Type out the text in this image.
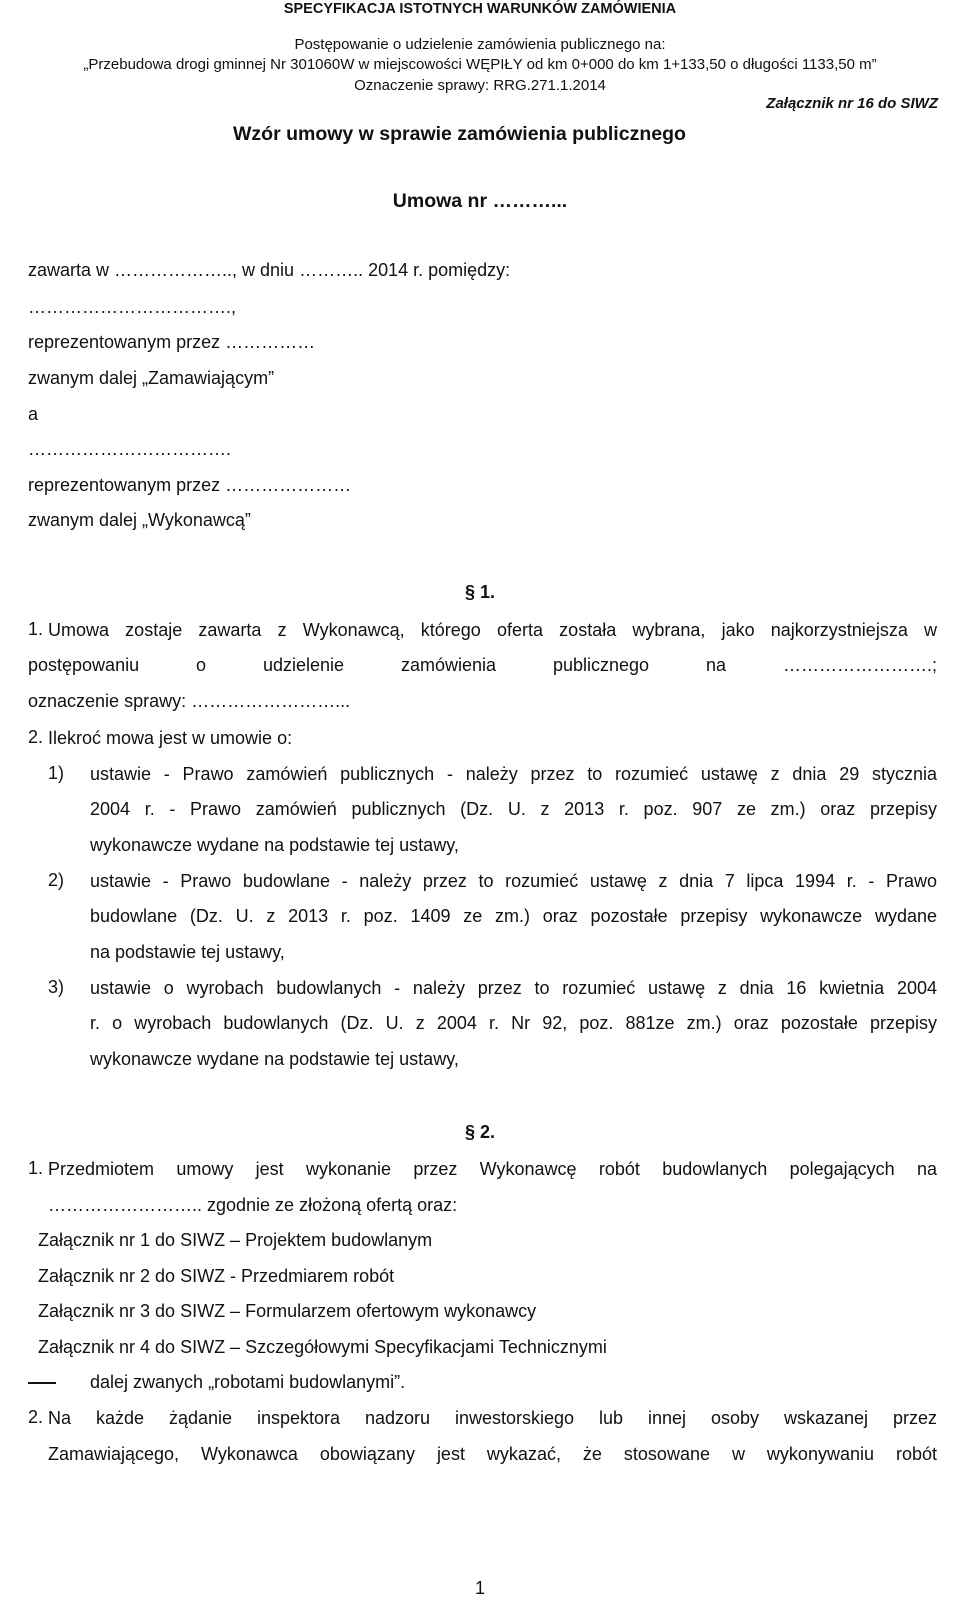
SPECYFIKACJA ISTOTNYCH WARUNKÓW ZAMÓWIENIA
Postępowanie o udzielenie zamówienia publicznego na:
„Przebudowa drogi gminnej Nr 301060W w miejscowości WĘPIŁY od km 0+000 do km 1+133,50 o długości 1133,50 m”
Oznaczenie sprawy: RRG.271.1.2014
Załącznik nr 16 do SIWZ
Wzór umowy w sprawie zamówienia publicznego
Umowa nr ………...
zawarta w ……………….., w dniu ……….. 2014 r. pomiędzy:
…………………………….,
reprezentowanym przez ……………
zwanym dalej „Zamawiającym”
a
…………………………….
reprezentowanym przez …………………
zwanym dalej „Wykonawcą”
§ 1.
1. Umowa zostaje zawarta z Wykonawcą, którego oferta została wybrana, jako najkorzystniejsza w
postępowaniu o udzielenie zamówienia publicznego na …………………….;
oznaczenie sprawy: ……………………...
2. Ilekroć mowa jest w umowie o:
1) ustawie - Prawo zamówień publicznych - należy przez to rozumieć ustawę z dnia 29 stycznia
2004 r. - Prawo zamówień publicznych (Dz. U. z 2013 r. poz. 907 ze zm.) oraz przepisy
wykonawcze wydane na podstawie tej ustawy,
2) ustawie - Prawo budowlane - należy przez to rozumieć ustawę z dnia 7 lipca 1994 r. - Prawo
budowlane (Dz. U. z 2013 r. poz. 1409 ze zm.) oraz pozostałe przepisy wykonawcze wydane
na podstawie tej ustawy,
3) ustawie o wyrobach budowlanych - należy przez to rozumieć ustawę z dnia 16 kwietnia 2004
r. o wyrobach budowlanych (Dz. U. z 2004 r. Nr 92, poz. 881ze zm.) oraz pozostałe przepisy
wykonawcze wydane na podstawie tej ustawy,
§ 2.
1. Przedmiotem umowy jest wykonanie przez Wykonawcę robót budowlanych polegających na
…………………….. zgodnie ze złożoną ofertą oraz:
Załącznik nr 1 do SIWZ – Projektem budowlanym
Załącznik nr 2 do SIWZ - Przedmiarem robót
Załącznik nr 3 do SIWZ – Formularzem ofertowym wykonawcy
Załącznik nr 4 do SIWZ – Szczegółowymi Specyfikacjami Technicznymi
dalej zwanych „robotami budowlanymi”.
2. Na każde żądanie inspektora nadzoru inwestorskiego lub innej osoby wskazanej przez
Zamawiającego, Wykonawca obowiązany jest wykazać, że stosowane w wykonywaniu robót
1
